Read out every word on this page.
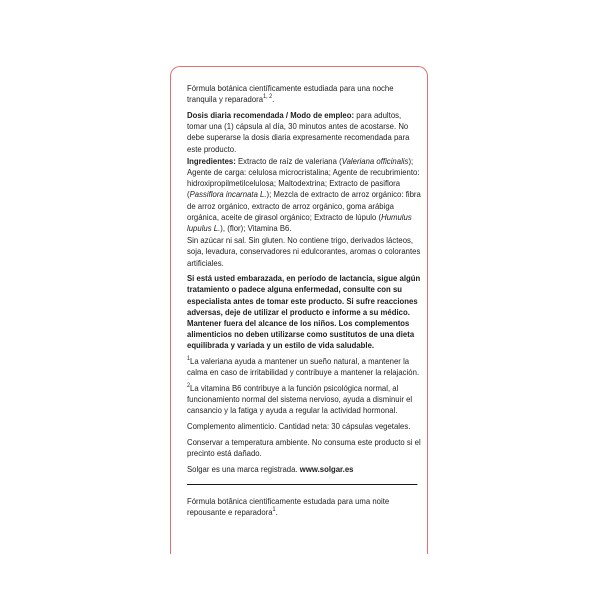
Fórmula botánica científicamente estudiada para una noche tranquila y reparadora$^{1, 2}$.

Dosis diaria recomendada / Modo de empleo: para adultos, tomar una (1) cápsula al día, 30 minutos antes de acostarse. No debe superarse la dosis diaria expresamente recomendada para este producto.

Ingredientes: Extracto de raíz de valeriana (Valeriana officinalis); Agente de carga: celulosa microcristalina; Agente de recubrimiento: hidroxipropilmetilcelulosa; Maltodextrina; Extracto de pasiflora (Passiflora incarnata L.); Mezcla de extracto de arroz orgánico: fibra de arroz orgánico, extracto de arroz orgánico, goma arábiga orgánica, aceite de girasol orgánico; Extracto de lúpulo (Humulus lupulus L.), (flor); Vitamina B6.

Sin azúcar ni sal. Sin gluten. No contiene trigo, derivados lácteos, soja, levadura, conservadores ni edulcorantes, aromas o colorantes artificiales.

Si está usted embarazada, en período de lactancia, sigue algún tratamiento o padece alguna enfermedad, consulte con su especialista antes de tomar este producto. Si sufre reacciones adversas, deje de utilizar el producto e informe a su médico. Mantener fuera del alcance de los niños. Los complementos alimenticios no deben utilizarse como sustitutos de una dieta equilibrada y variada y un estilo de vida saludable.

$^1$La valeriana ayuda a mantener un sueño natural, a mantener la calma en caso de irritabilidad y contribuye a mantener la relajación.

$^2$La vitamina B6 contribuye a la función psicológica normal, al funcionamiento normal del sistema nervioso, ayuda a disminuir el cansancio y la fatiga y ayuda a regular la actividad hormonal.

Complemento alimenticio. Cantidad neta: 30 cápsulas vegetales.

Conservar a temperatura ambiente. No consuma este producto si el precinto está dañado.

Solgar es una marca registrada. www.solgar.es

Fórmula botânica cientificamente estudada para uma noite repousante e reparadora$^1$.
